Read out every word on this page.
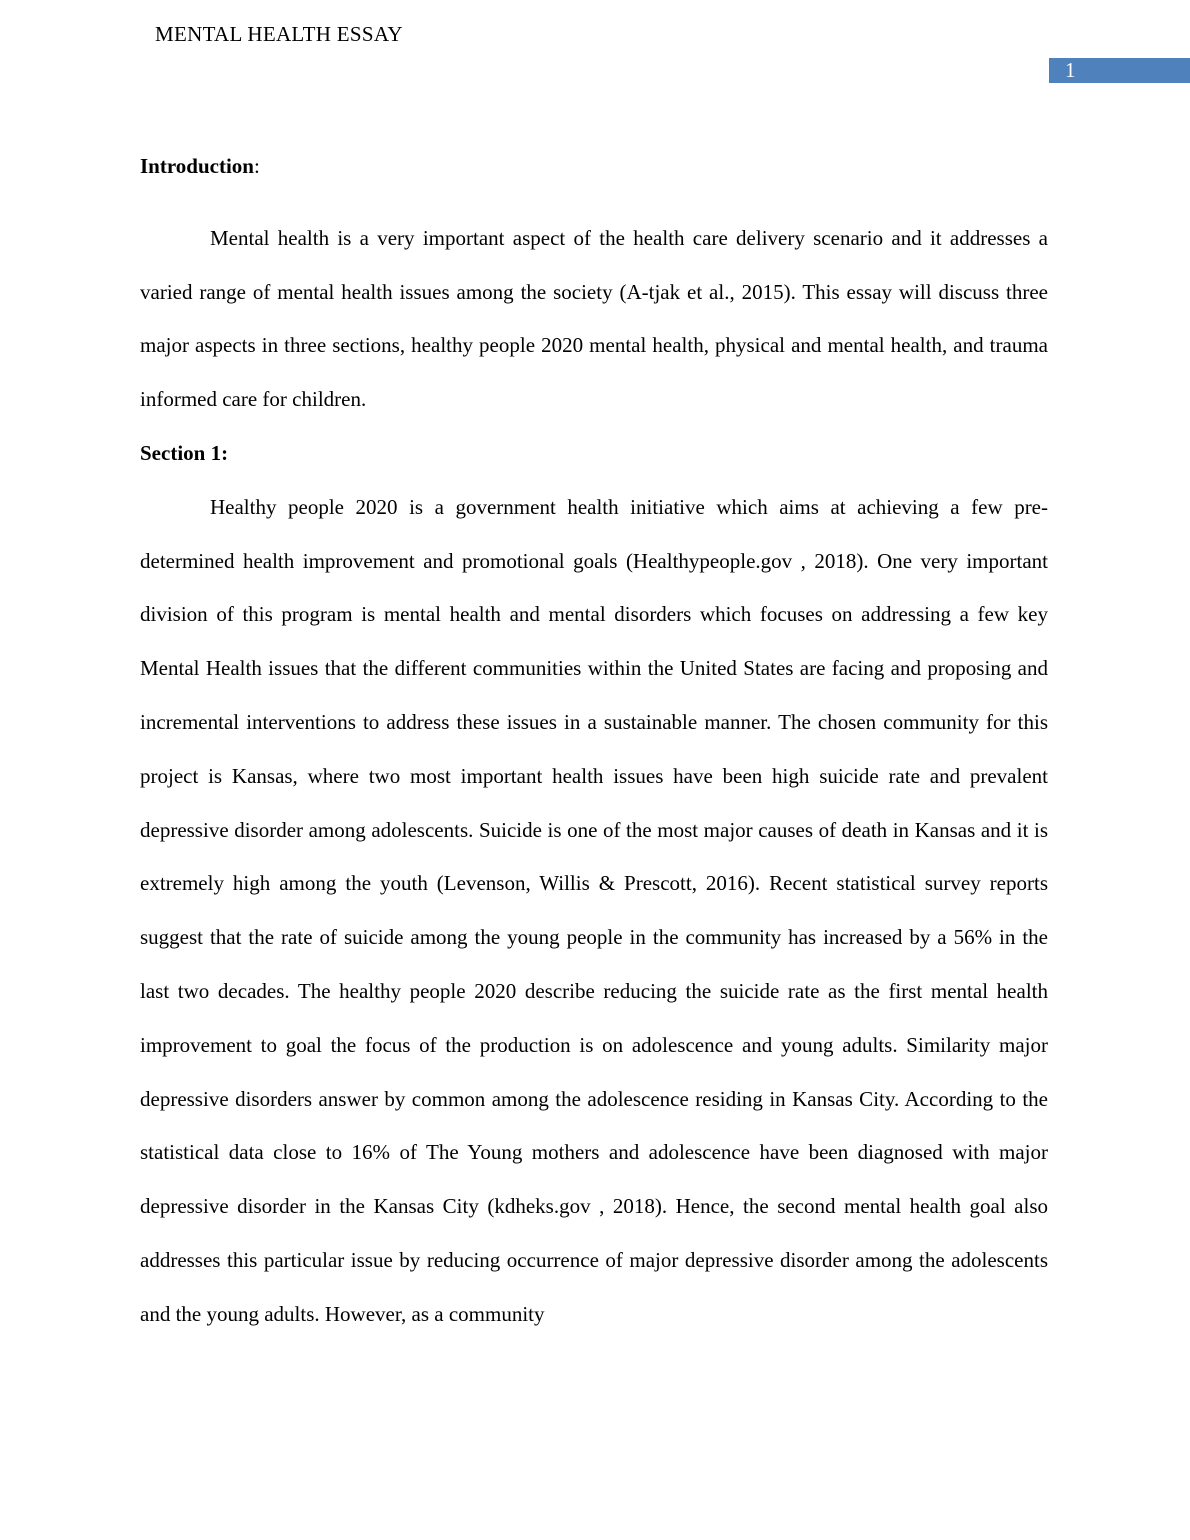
MENTAL HEALTH ESSAY
1

Introduction:

Mental health is a very important aspect of the health care delivery scenario and it addresses a varied range of mental health issues among the society (A-tjak et al., 2015). This essay will discuss three major aspects in three sections, healthy people 2020 mental health, physical and mental health, and trauma informed care for children.

Section 1:

Healthy people 2020 is a government health initiative which aims at achieving a few pre-determined health improvement and promotional goals (Healthypeople.gov , 2018). One very important division of this program is mental health and mental disorders which focuses on addressing a few key Mental Health issues that the different communities within the United States are facing and proposing and incremental interventions to address these issues in a sustainable manner. The chosen community for this project is Kansas, where two most important health issues have been high suicide rate and prevalent depressive disorder among adolescents. Suicide is one of the most major causes of death in Kansas and it is extremely high among the youth (Levenson, Willis & Prescott, 2016). Recent statistical survey reports suggest that the rate of suicide among the young people in the community has increased by a 56% in the last two decades. The healthy people 2020 describe reducing the suicide rate as the first mental health improvement to goal the focus of the production is on adolescence and young adults. Similarity major depressive disorders answer by common among the adolescence residing in Kansas City. According to the statistical data close to 16% of The Young mothers and adolescence have been diagnosed with major depressive disorder in the Kansas City (kdheks.gov , 2018). Hence, the second mental health goal also addresses this particular issue by reducing occurrence of major depressive disorder among the adolescents and the young adults. However, as a community
